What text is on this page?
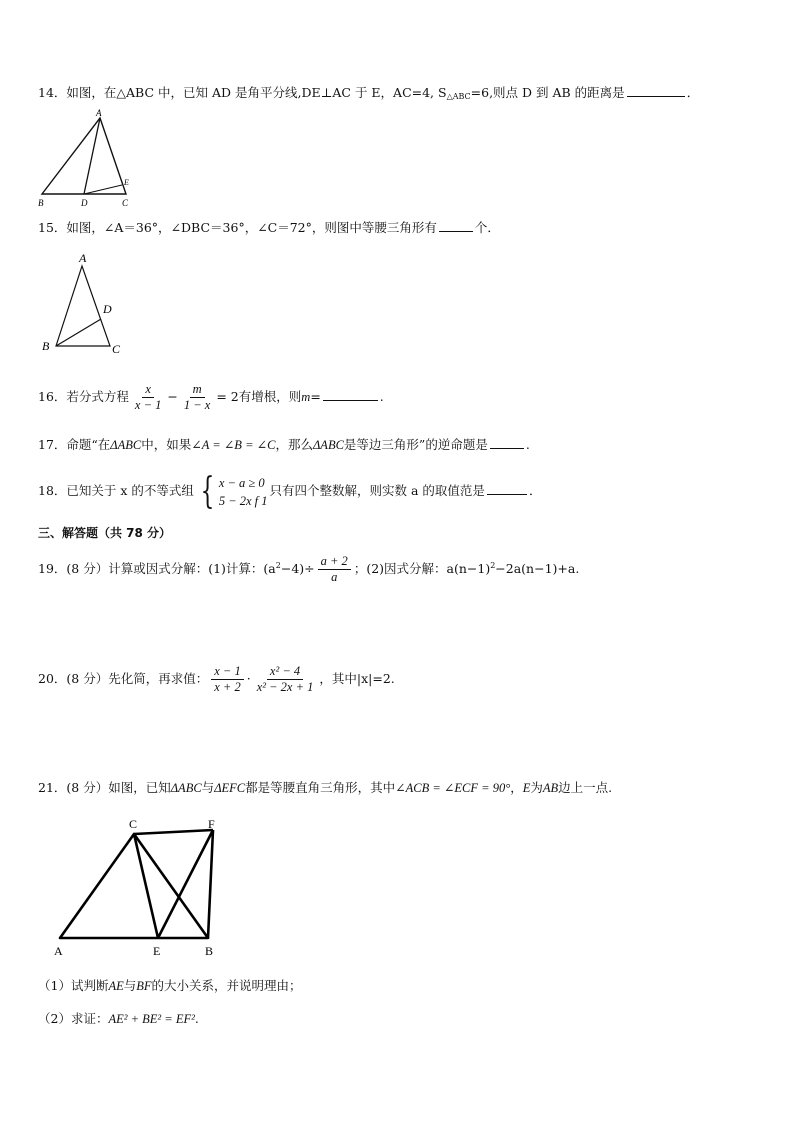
14．如图，在△ABC 中，已知 AD 是角平分线,DE⊥AC 于 E，AC=4, $S_{\triangle ABC}=6$,则点 D 到 AB 的距离是	．
A
B	D	C
E
15．如图，∠A＝36°，∠DBC＝36°，∠C＝72°，则图中等腰三角形有	个．
A
B	C
D
16．若分式方程 $\frac{x}{x - 1} - \frac{m}{1 - x} = 2$有增根，则m=	.
17．命题“在ΔABC中，如果∠A = ∠B = ∠C，那么ΔABC是等边三角形”的逆命题是	.
18．已知关于 x 的不等式组 { x − a ≥ 0
5 − 2x f 1
只有四个整数解，则实数 a 的取值范是	．
三、解答题（共 78 分）
19．(8 分）计算或因式分解：(1)计算：$(a^2-4)\div \frac{a + 2}{a}$ ；(2)因式分解：$a(n-1)^2-2a(n-1)+a$.
20．(8 分）先化简，再求值： $\frac{x - 1}{x + 2} \cdot \frac{\text{x² − 4}}{\text{x² − 2x + 1}}$ ，其中|x|=2.
21．(8 分）如图，已知ΔABC与ΔEFC都是等腰直角三角形，其中∠ACB = ∠ECF = 90°，E为AB边上一点.
C	F
A	E	B
（1）试判断AE与BF的大小关系，并说明理由；
（2）求证：AE² + BE² = EF².
